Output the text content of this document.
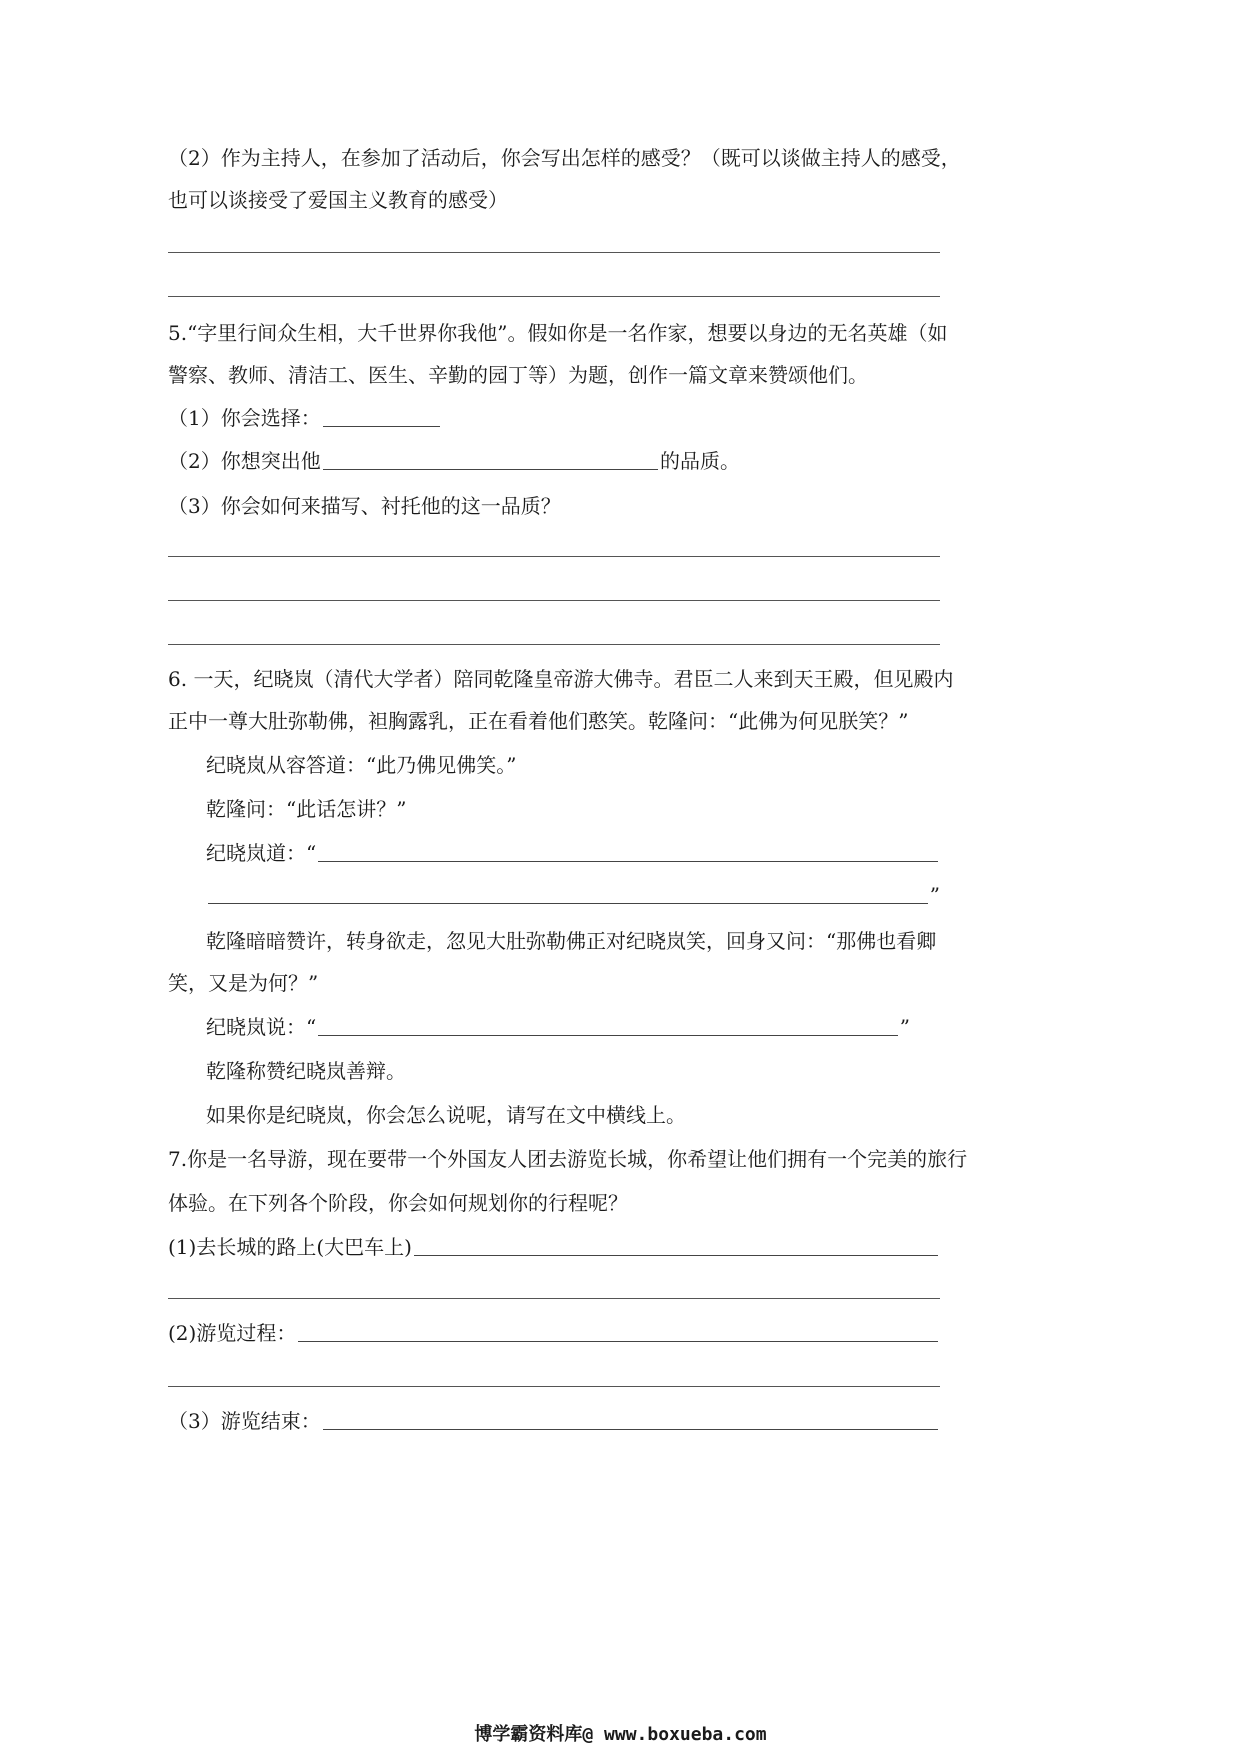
（2）作为主持人，在参加了活动后，你会写出怎样的感受？（既可以谈做主持人的感受，
也可以谈接受了爱国主义教育的感受）
5.“字里行间众生相，大千世界你我他”。假如你是一名作家，想要以身边的无名英雄（如
警察、教师、清洁工、医生、辛勤的园丁等）为题，创作一篇文章来赞颂他们。
（1）你会选择：
（2）你想突出他	的品质。
（3）你会如何来描写、衬托他的这一品质？
6. 一天，纪晓岚（清代大学者）陪同乾隆皇帝游大佛寺。君臣二人来到天王殿，但见殿内
正中一尊大肚弥勒佛，袒胸露乳，正在看着他们憨笑。乾隆问：“此佛为何见朕笑？”
纪晓岚从容答道：“此乃佛见佛笑。”
乾隆问：“此话怎讲？”
纪晓岚道：“
”
乾隆暗暗赞许，转身欲走，忽见大肚弥勒佛正对纪晓岚笑，回身又问：“那佛也看卿
笑，又是为何？”
纪晓岚说：“	”
乾隆称赞纪晓岚善辩。
如果你是纪晓岚，你会怎么说呢，请写在文中横线上。
7.你是一名导游，现在要带一个外国友人团去游览长城，你希望让他们拥有一个完美的旅行
体验。在下列各个阶段，你会如何规划你的行程呢？
(1)去长城的路上(大巴车上)
(2)游览过程：
（3）游览结束：
博学霸资料库@ www.boxueba.com
